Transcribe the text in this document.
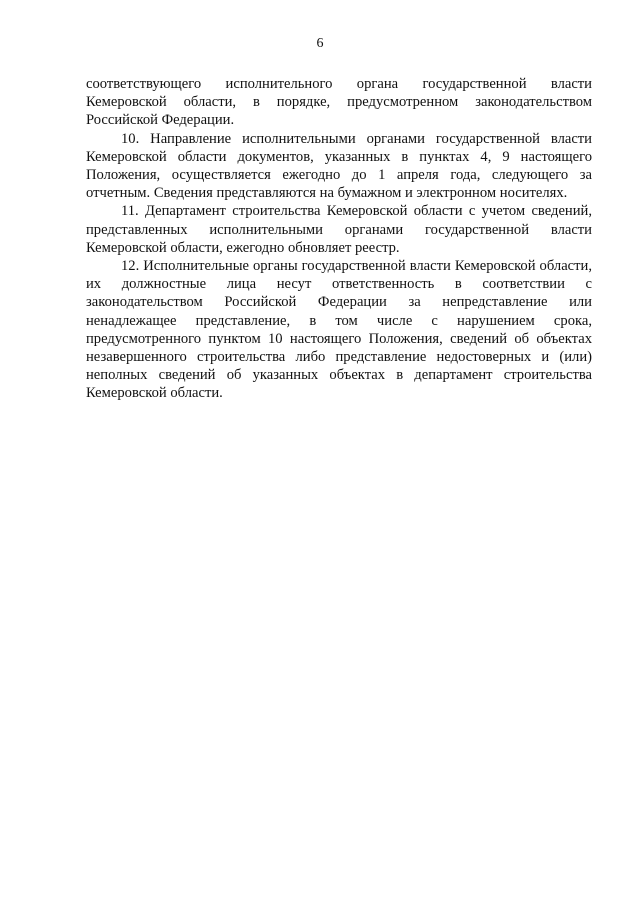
6

соответствующего исполнительного органа государственной власти Кемеровской области, в порядке, предусмотренном законодательством Российской Федерации.

10. Направление исполнительными органами государственной власти Кемеровской области документов, указанных в пунктах 4, 9 настоящего Положения, осуществляется ежегодно до 1 апреля года, следующего за отчетным. Сведения представляются на бумажном и электронном носителях.

11. Департамент строительства Кемеровской области с учетом сведений, представленных исполнительными органами государственной власти Кемеровской области, ежегодно обновляет реестр.

12. Исполнительные органы государственной власти Кемеровской области, их должностные лица несут ответственность в соответствии с законодательством Российской Федерации за непредставление или ненадлежащее представление, в том числе с нарушением срока, предусмотренного пунктом 10 настоящего Положения, сведений об объектах незавершенного строительства либо представление недостоверных и (или) неполных сведений об указанных объектах в департамент строительства Кемеровской области.
